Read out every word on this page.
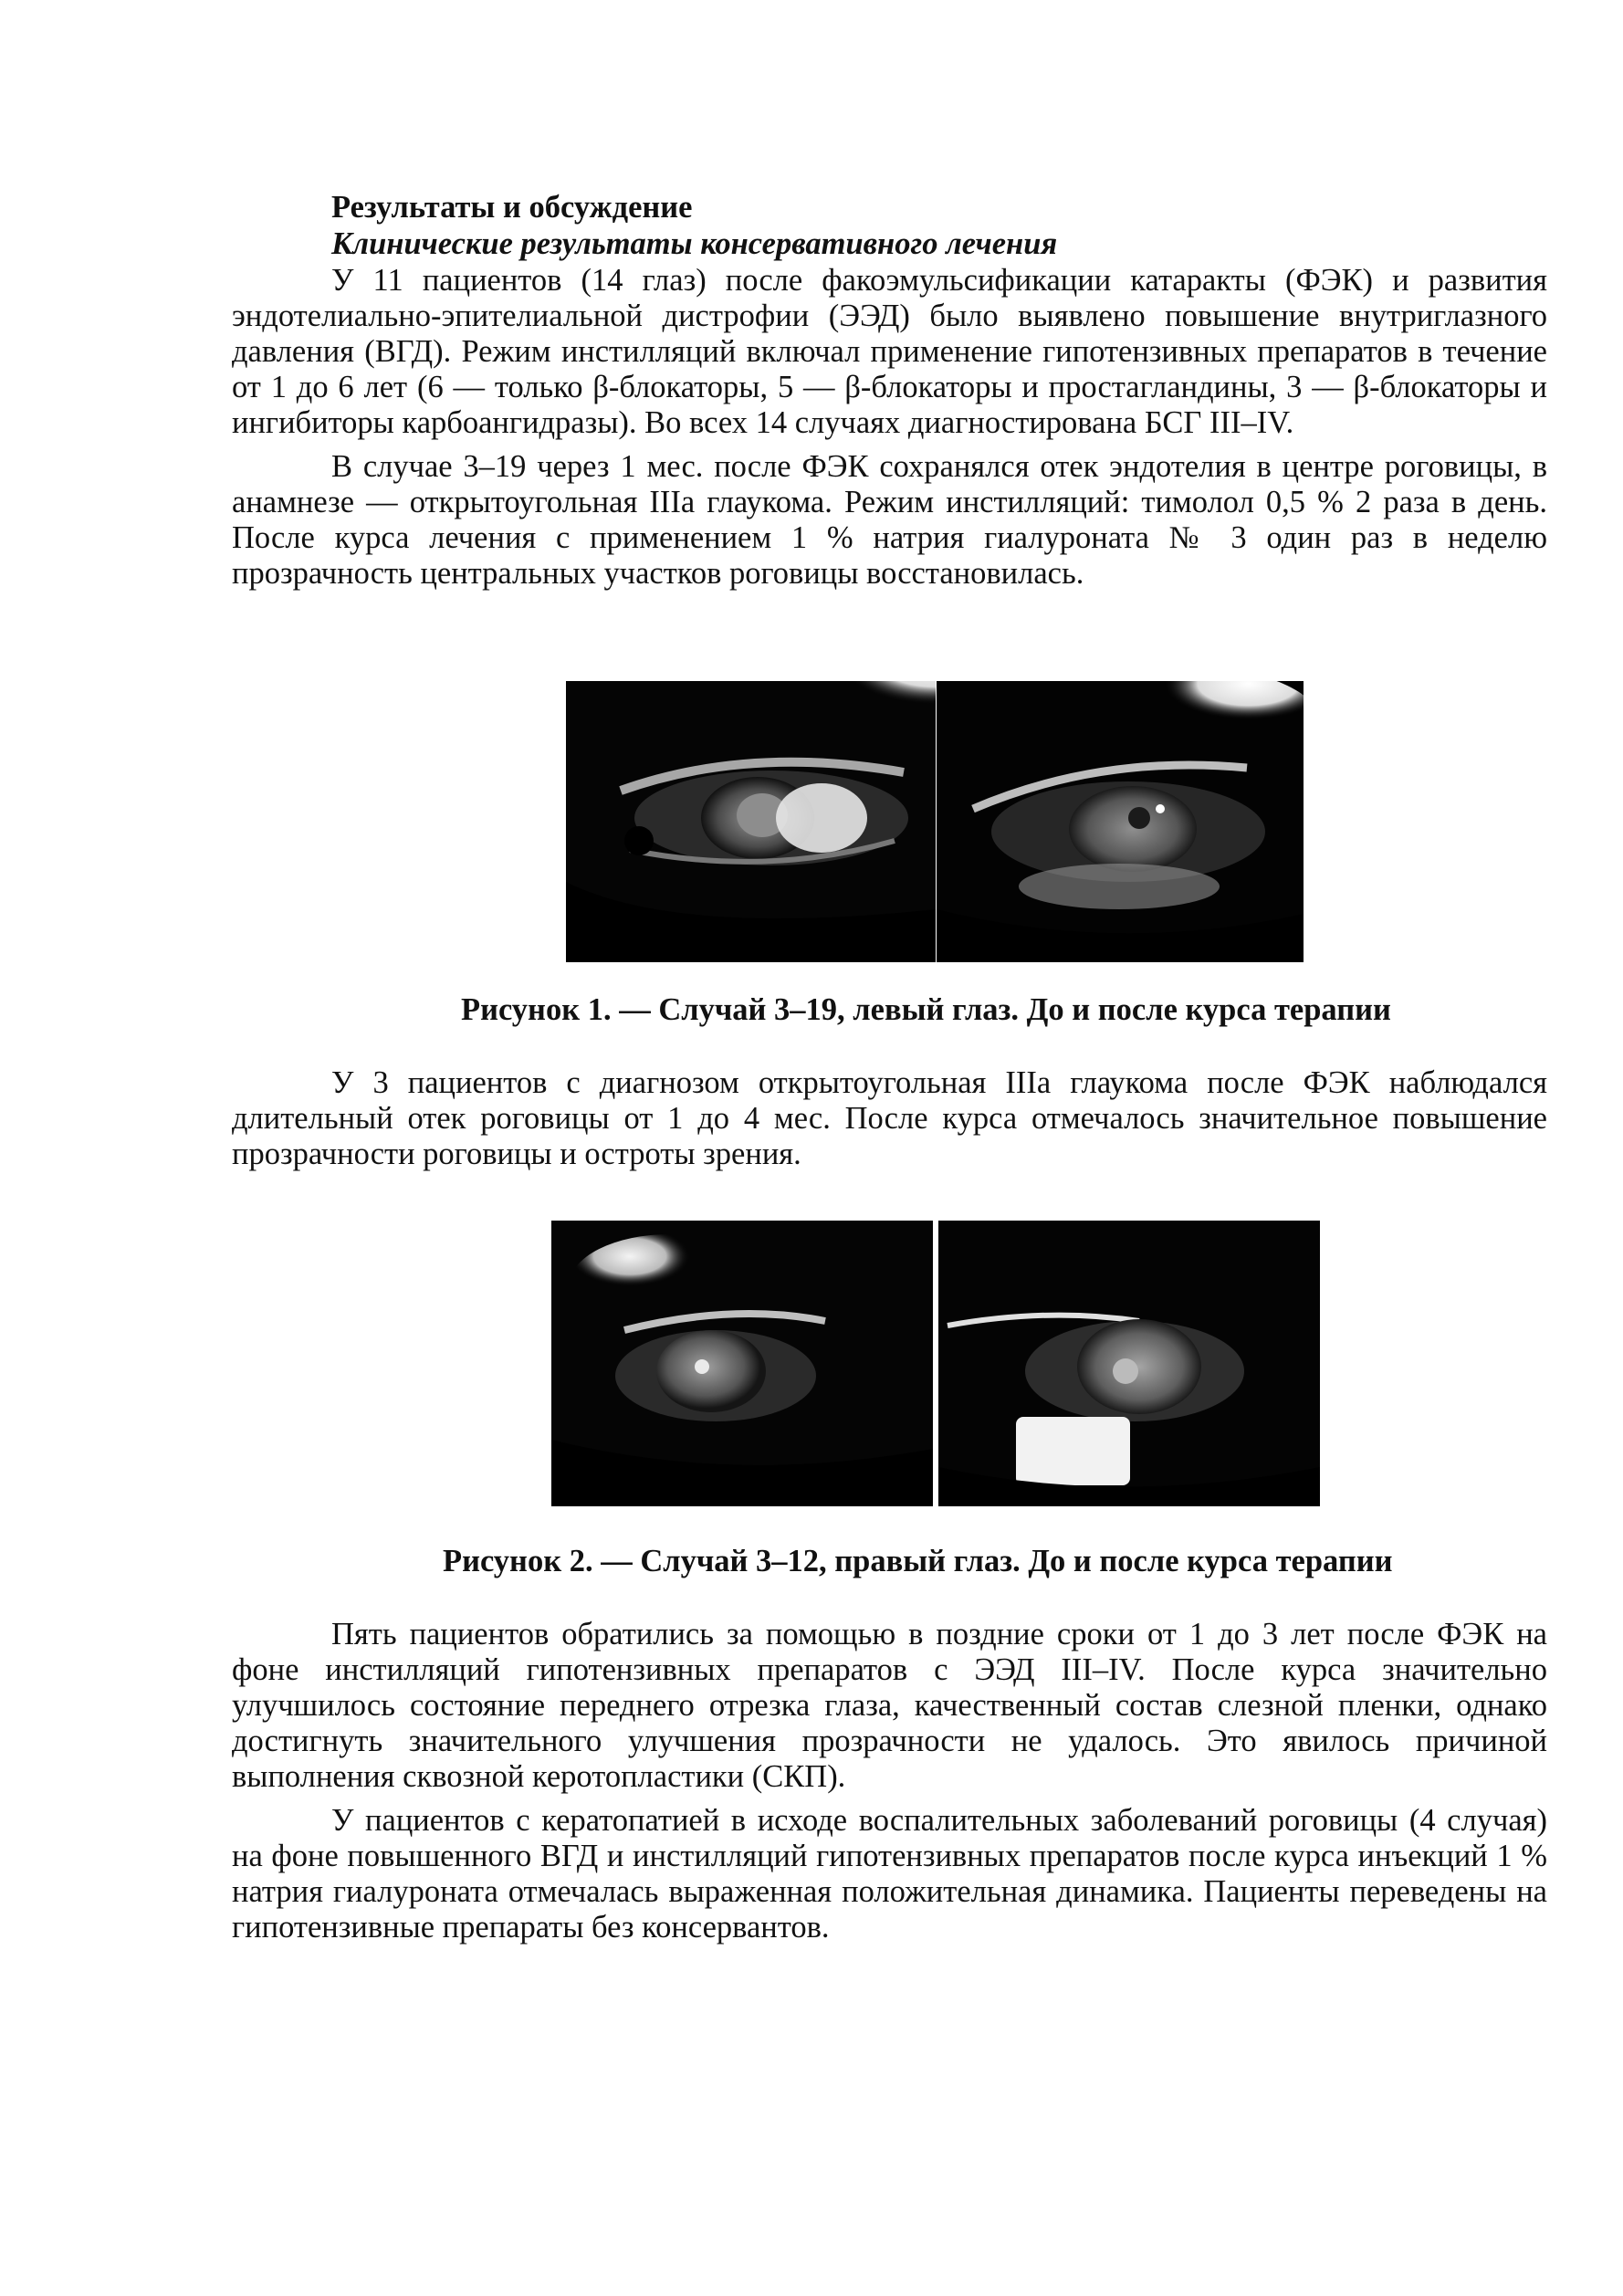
Результаты и обсуждение
Клинические результаты консервативного лечения

У 11 пациентов (14 глаз) после факоэмульсификации катаракты (ФЭК) и развития эндотелиально-эпителиальной дистрофии (ЭЭД) было выявлено повышение внутриглазного давления (ВГД). Режим инстилляций включал применение гипотензивных препаратов в течение от 1 до 6 лет (6 — только β-блокаторы, 5 — β-блокаторы и простагландины, 3 — β-блокаторы и ингибиторы карбоангидразы). Во всех 14 случаях диагностирована БСГ III–IV.

В случае 3–19 через 1 мес. после ФЭК сохранялся отек эндотелия в центре роговицы, в анамнезе — открытоугольная IIIa глаукома. Режим инстилляций: тимолол 0,5 % 2 раза в день. После курса лечения с применением 1 % натрия гиалуроната № 3 один раз в неделю прозрачность центральных участков роговицы восстановилась.

Рисунок 1. — Случай 3–19, левый глаз. До и после курса терапии

У 3 пациентов с диагнозом открытоугольная IIIa глаукома после ФЭК наблюдался длительный отек роговицы от 1 до 4 мес. После курса отмечалось значительное повышение прозрачности роговицы и остроты зрения.

Рисунок 2. — Случай 3–12, правый глаз. До и после курса терапии

Пять пациентов обратились за помощью в поздние сроки от 1 до 3 лет после ФЭК на фоне инстилляций гипотензивных препаратов с ЭЭД III–IV. После курса значительно улучшилось состояние переднего отрезка глаза, качественный состав слезной пленки, однако достигнуть значительного улучшения прозрачности не удалось. Это явилось причиной выполнения сквозной керотопластики (СКП).

У пациентов с кератопатией в исходе воспалительных заболеваний роговицы (4 случая) на фоне повышенного ВГД и инстилляций гипотензивных препаратов после курса инъекций 1 % натрия гиалуроната отмечалась выраженная положительная динамика. Пациенты переведены на гипотензивные препараты без консервантов.
